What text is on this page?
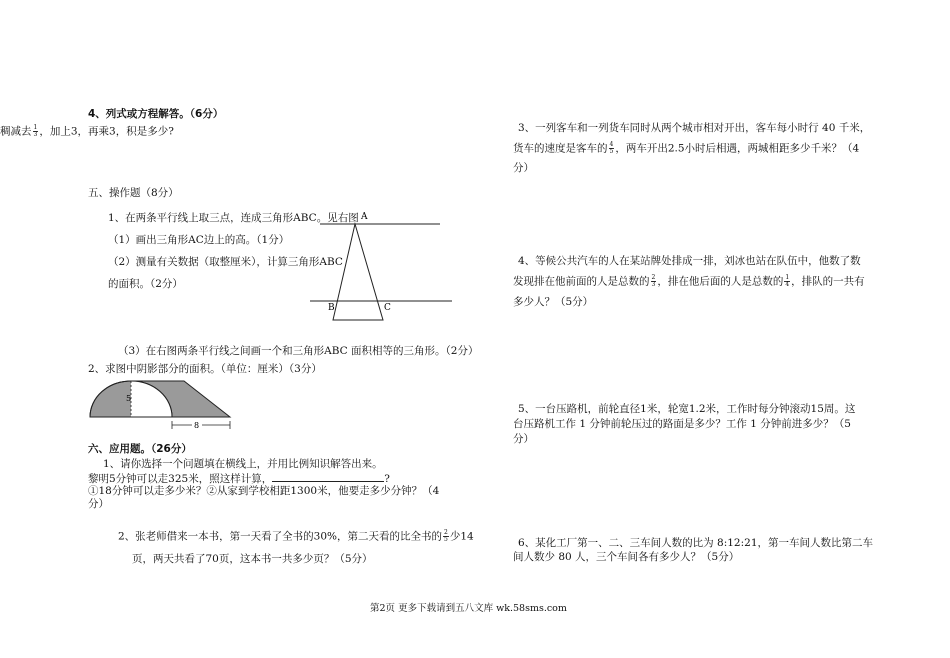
4、列式或方程解答。（6分）
稠减去 $\frac{1}{3}$ ，加上3，再乘3，积是多少?
五、操作题（8分）
1、在两条平行线上取三点，连成三角形ABC。见右图
（1）画出三角形AC边上的高。（1分）
（2）测量有关数据（取整厘米），计算三角形ABC
的面积。（2分）
A
B	C
（3）在右图两条平行线之间画一个和三角形ABC 面积相等的三角形。（2分）
2、求图中阴影部分的面积。（单位：厘米）（3分）
5
8
六、应用题。（26分）
1、请你选择一个问题填在横线上，并用比例知识解答出来。
黎明5分钟可以走325米，照这样计算，	?
①18分钟可以走多少米？②从家到学校相距1300米，他要走多少分钟？（4
分）
2、张老师借来一本书，第一天看了全书的30%，第二天看的比全书的 $\frac{2}{5}$ 少14
页，两天共看了70页，这本书一共多少页？（5分）
3、一列客车和一列货车同时从两个城市相对开出，客车每小时行 40 千米，
货车的速度是客车的 $\frac{4}{5}$ ，两车开出2.5小时后相遇，两城相距多少千米？（4
分）
4、等候公共汽车的人在某站牌处排成一排，刘冰也站在队伍中，他数了数
发现排在他前面的人是总数的 $\frac{2}{3}$ ，排在他后面的人是总数的 $\frac{1}{4}$ ，排队的一共有
多少人？（5分）
5、一台压路机，前轮直径1米，轮宽1.2米，工作时每分钟滚动15周。这
台压路机工作 1 分钟前轮压过的路面是多少？工作 1 分钟前进多少？（5
分）
6、某化工厂第一、二、三车间人数的比为 8:12:21，第一车间人数比第二车
间人数少 80 人，三个车间各有多少人？（5分）
第2页 更多下载请到五八文库 wk.58sms.com
